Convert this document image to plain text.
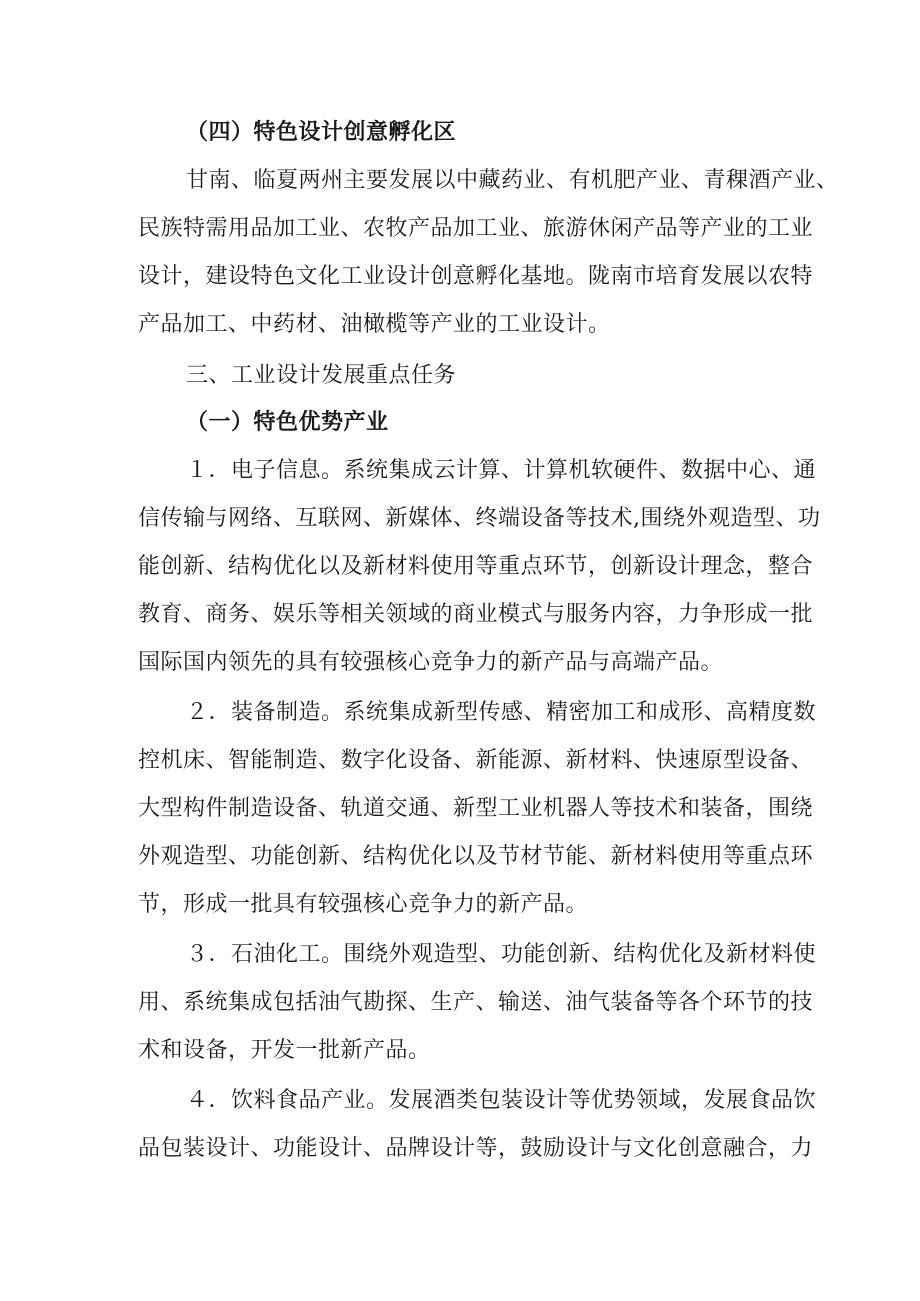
（四）特色设计创意孵化区
甘南、临夏两州主要发展以中藏药业、有机肥产业、青稞酒产业、
民族特需用品加工业、农牧产品加工业、旅游休闲产品等产业的工业
设计，建设特色文化工业设计创意孵化基地。陇南市培育发展以农特
产品加工、中药材、油橄榄等产业的工业设计。
三、工业设计发展重点任务
（一）特色优势产业
１．电子信息。系统集成云计算、计算机软硬件、数据中心、通
信传输与网络、互联网、新媒体、终端设备等技术,围绕外观造型、功
能创新、结构优化以及新材料使用等重点环节，创新设计理念，整合
教育、商务、娱乐等相关领域的商业模式与服务内容，力争形成一批
国际国内领先的具有较强核心竞争力的新产品与高端产品。
２．装备制造。系统集成新型传感、精密加工和成形、高精度数
控机床、智能制造、数字化设备、新能源、新材料、快速原型设备、
大型构件制造设备、轨道交通、新型工业机器人等技术和装备，围绕
外观造型、功能创新、结构优化以及节材节能、新材料使用等重点环
节，形成一批具有较强核心竞争力的新产品。
３．石油化工。围绕外观造型、功能创新、结构优化及新材料使
用、系统集成包括油气勘探、生产、输送、油气装备等各个环节的技
术和设备，开发一批新产品。
４．饮料食品产业。发展酒类包装设计等优势领域，发展食品饮
品包装设计、功能设计、品牌设计等，鼓励设计与文化创意融合，力
